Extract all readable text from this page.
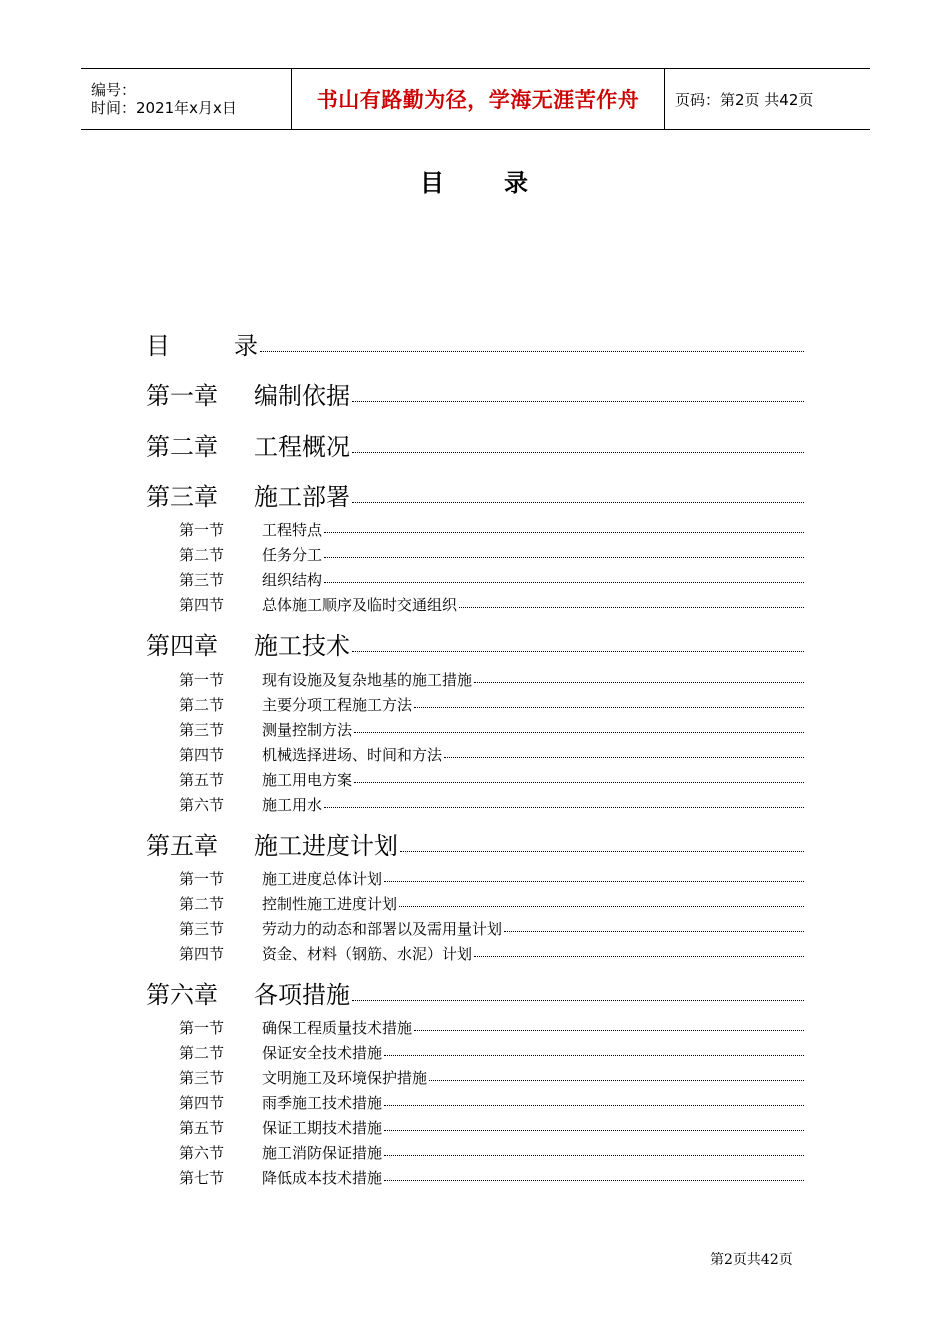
编号：
时间：2021年x月x日	书山有路勤为径，学海无涯苦作舟 页码：第2页 共42页
目 录
目	录
第一章	编制依据
第二章	工程概况
第三章	施工部署
第一节	工程特点
第二节	任务分工
第三节	组织结构
第四节	总体施工顺序及临时交通组织
第四章	施工技术
第一节	现有设施及复杂地基的施工措施
第二节	主要分项工程施工方法
第三节	测量控制方法
第四节	机械选择进场、时间和方法
第五节	施工用电方案
第六节	施工用水
第五章	施工进度计划
第一节	施工进度总体计划
第二节	控制性施工进度计划
第三节	劳动力的动态和部署以及需用量计划
第四节	资金、材料（钢筋、水泥）计划
第六章	各项措施
第一节	确保工程质量技术措施
第二节	保证安全技术措施
第三节	文明施工及环境保护措施
第四节	雨季施工技术措施
第五节	保证工期技术措施
第六节	施工消防保证措施
第七节	降低成本技术措施
第2页共42页
